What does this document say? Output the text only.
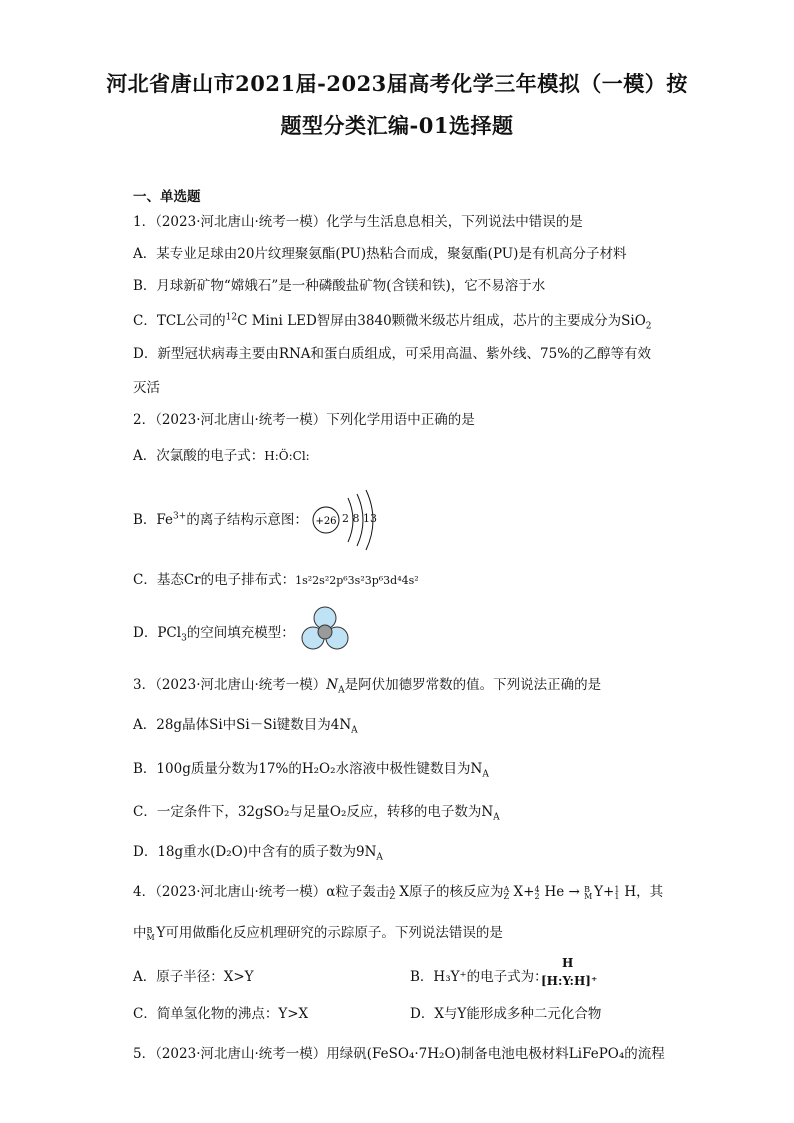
河北省唐山市2021届-2023届高考化学三年模拟（一模）按
题型分类汇编-01选择题
一、单选题
1．（2023·河北唐山·统考一模）化学与生活息息相关，下列说法中错误的是
A．某专业足球由20片纹理聚氨酯(PU)热粘合而成，聚氨酯(PU)是有机高分子材料
B．月球新矿物“嫦娥石”是一种磷酸盐矿物(含镁和铁)，它不易溶于水
C．TCL公司的$^{12}$C Mini LED智屏由3840颗微米级芯片组成，芯片的主要成分为SiO$_2$
D．新型冠状病毒主要由RNA和蛋白质组成，可采用高温、紫外线、75%的乙醇等有效
灭活
2．（2023·河北唐山·统考一模）下列化学用语中正确的是
A．次氯酸的电子式：H:Ö:Cl:
B．$Fe^{3+}$的离子结构示意图： +26 2 8 13
C．基态Cr的电子排布式：1s²2s²2p⁶3s²3p⁶3d⁴4s²
D．PCl$_3$的空间填充模型：
3．（2023·河北唐山·统考一模）$N_A$是阿伏加德罗常数的值。下列说法正确的是
A．28g晶体Si中Si－Si键数目为$4N_A$
B．100g质量分数为17%的H₂O₂水溶液中极性键数目为$N_A$
C．一定条件下，32gSO₂与足量O₂反应，转移的电子数为$N_A$
D．18g重水(D₂O)中含有的质子数为$9N_A$
4．（2023·河北唐山·统考一模）α粒子轰击 A
Z X原子的核反应为 A
Z X+ 4
2 He → B
M Y+ 1
1 H，其
中 B
M Y可用做酯化反应机理研究的示踪原子。下列说法错误的是
A．原子半径：X>Y	B．H₃Y⁺的电子式为：
H
[H:Y:H]⁺
C．简单氢化物的沸点：Y>X	D．X与Y能形成多种二元化合物
5．（2023·河北唐山·统考一模）用绿矾(FeSO₄·7H₂O)制备电池电极材料LiFePO₄的流程
